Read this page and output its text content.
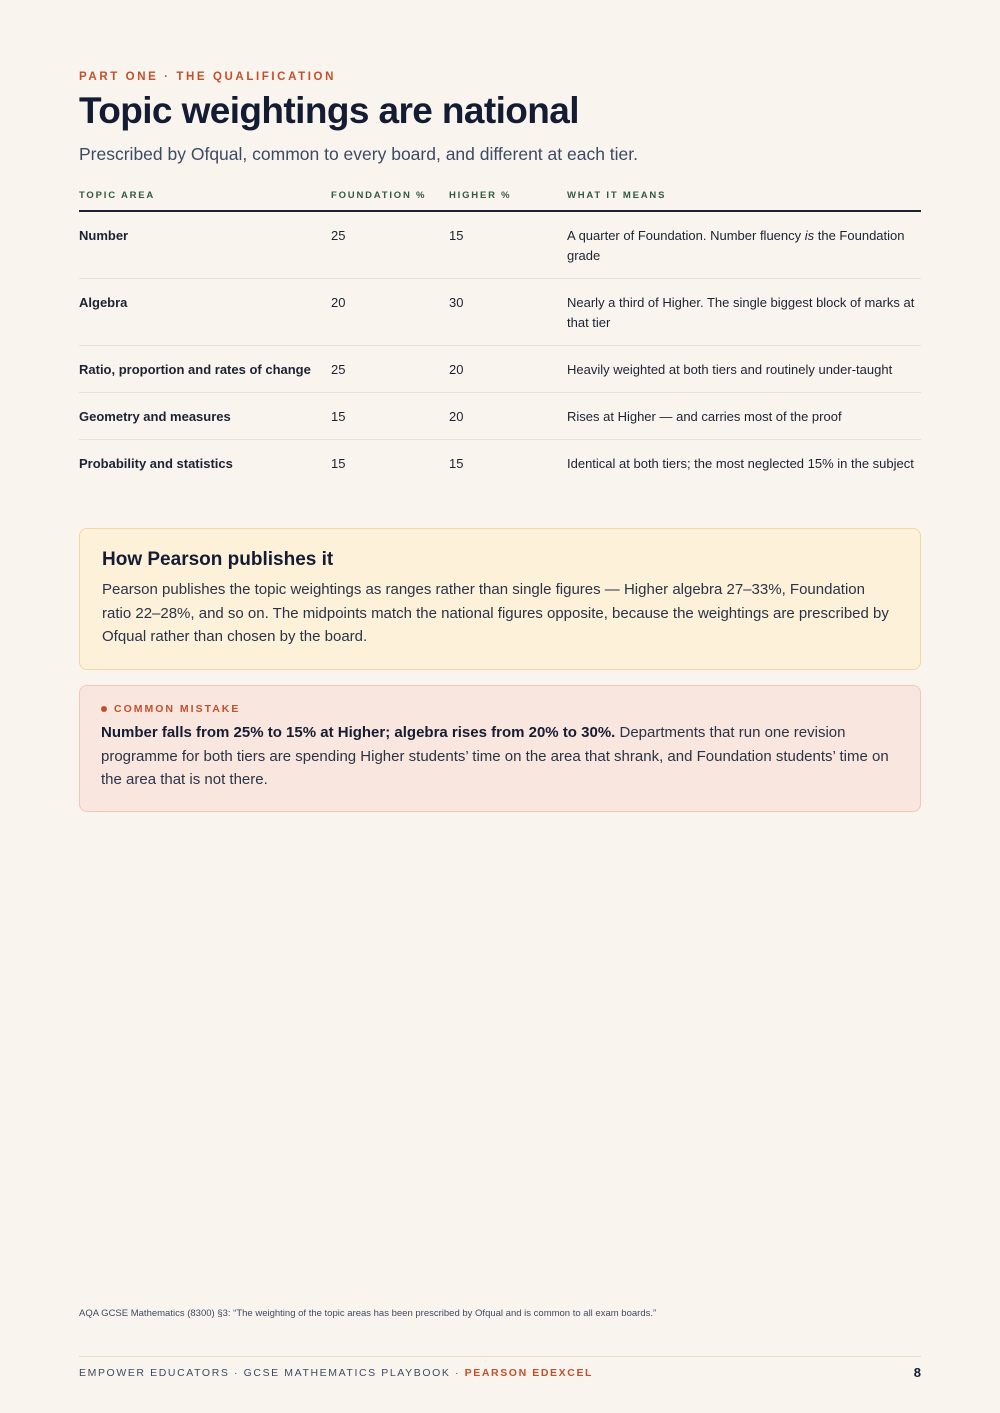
PART ONE · THE QUALIFICATION
Topic weightings are national
Prescribed by Ofqual, common to every board, and different at each tier.
TOPIC AREA	FOUNDATION %	HIGHER %	WHAT IT MEANS
Number	25	15	A quarter of Foundation. Number fluency is the Foundation grade
Algebra	20	30	Nearly a third of Higher. The single biggest block of marks at that tier
Ratio, proportion and rates of change	25	20	Heavily weighted at both tiers and routinely under-taught
Geometry and measures	15	20	Rises at Higher — and carries most of the proof
Probability and statistics	15	15	Identical at both tiers; the most neglected 15% in the subject
How Pearson publishes it

Pearson publishes the topic weightings as ranges rather than single figures — Higher algebra 27–33%, Foundation ratio 22–28%, and so on. The midpoints match the national figures opposite, because the weightings are prescribed by Ofqual rather than chosen by the board.

COMMON MISTAKE

Number falls from 25% to 15% at Higher; algebra rises from 20% to 30%. Departments that run one revision programme for both tiers are spending Higher students’ time on the area that shrank, and Foundation students’ time on the area that is not there.

AQA GCSE Mathematics (8300) §3: “The weighting of the topic areas has been prescribed by Ofqual and is common to all exam boards.”
EMPOWER EDUCATORS · GCSE MATHEMATICS PLAYBOOK · PEARSON EDEXCEL	8
